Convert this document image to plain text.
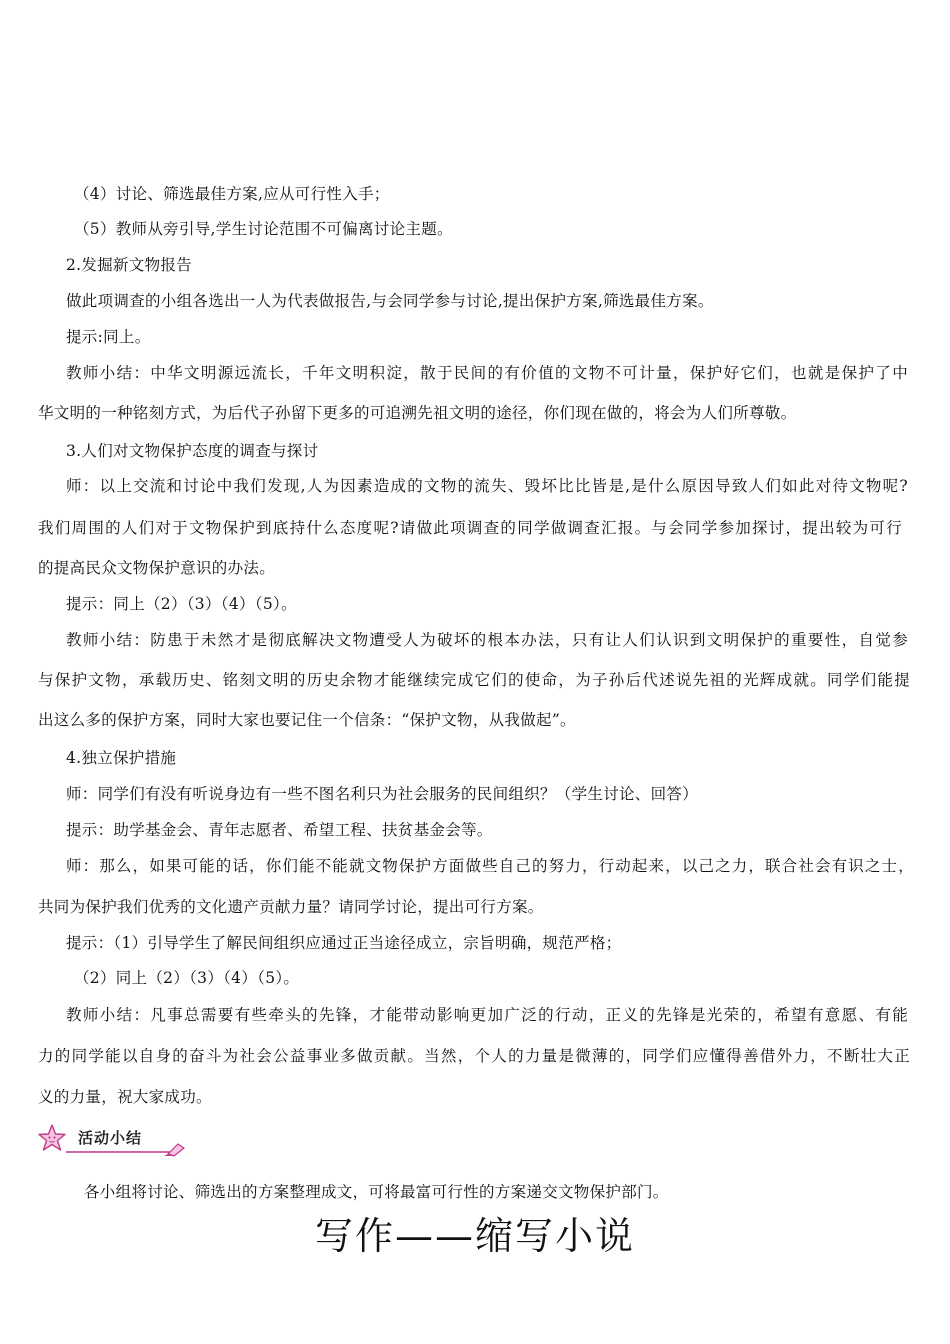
（4）讨论、筛选最佳方案,应从可行性入手；
（5）教师从旁引导,学生讨论范围不可偏离讨论主题。
2.发掘新文物报告
做此项调查的小组各选出一人为代表做报告,与会同学参与讨论,提出保护方案,筛选最佳方案。
提示:同上。
教师小结：中华文明源远流长，千年文明积淀，散于民间的有价值的文物不可计量，保护好它们，也就是保护了中
华文明的一种铭刻方式，为后代子孙留下更多的可追溯先祖文明的途径，你们现在做的，将会为人们所尊敬。
3.人们对文物保护态度的调查与探讨
师：以上交流和讨论中我们发现,人为因素造成的文物的流失、毁坏比比皆是,是什么原因导致人们如此对待文物呢?
我们周围的人们对于文物保护到底持什么态度呢?请做此项调查的同学做调查汇报。与会同学参加探讨，提出较为可行
的提高民众文物保护意识的办法。
提示：同上（2）（3）（4）（5）。
教师小结：防患于未然才是彻底解决文物遭受人为破坏的根本办法，只有让人们认识到文明保护的重要性，自觉参
与保护文物，承载历史、铭刻文明的历史余物才能继续完成它们的使命，为子孙后代述说先祖的光辉成就。同学们能提
出这么多的保护方案，同时大家也要记住一个信条：“保护文物，从我做起”。
4.独立保护措施
师：同学们有没有听说身边有一些不图名利只为社会服务的民间组织？（学生讨论、回答）
提示：助学基金会、青年志愿者、希望工程、扶贫基金会等。
师：那么，如果可能的话，你们能不能就文物保护方面做些自己的努力，行动起来，以己之力，联合社会有识之士，
共同为保护我们优秀的文化遗产贡献力量？请同学讨论，提出可行方案。
提示：（1）引导学生了解民间组织应通过正当途径成立，宗旨明确，规范严格；
（2）同上（2）（3）（4）（5）。
教师小结：凡事总需要有些牵头的先锋，才能带动影响更加广泛的行动，正义的先锋是光荣的，希望有意愿、有能
力的同学能以自身的奋斗为社会公益事业多做贡献。当然，个人的力量是微薄的，同学们应懂得善借外力，不断壮大正
义的力量，祝大家成功。
活动小结
各小组将讨论、筛选出的方案整理成文，可将最富可行性的方案递交文物保护部门。
写作——缩写小说
